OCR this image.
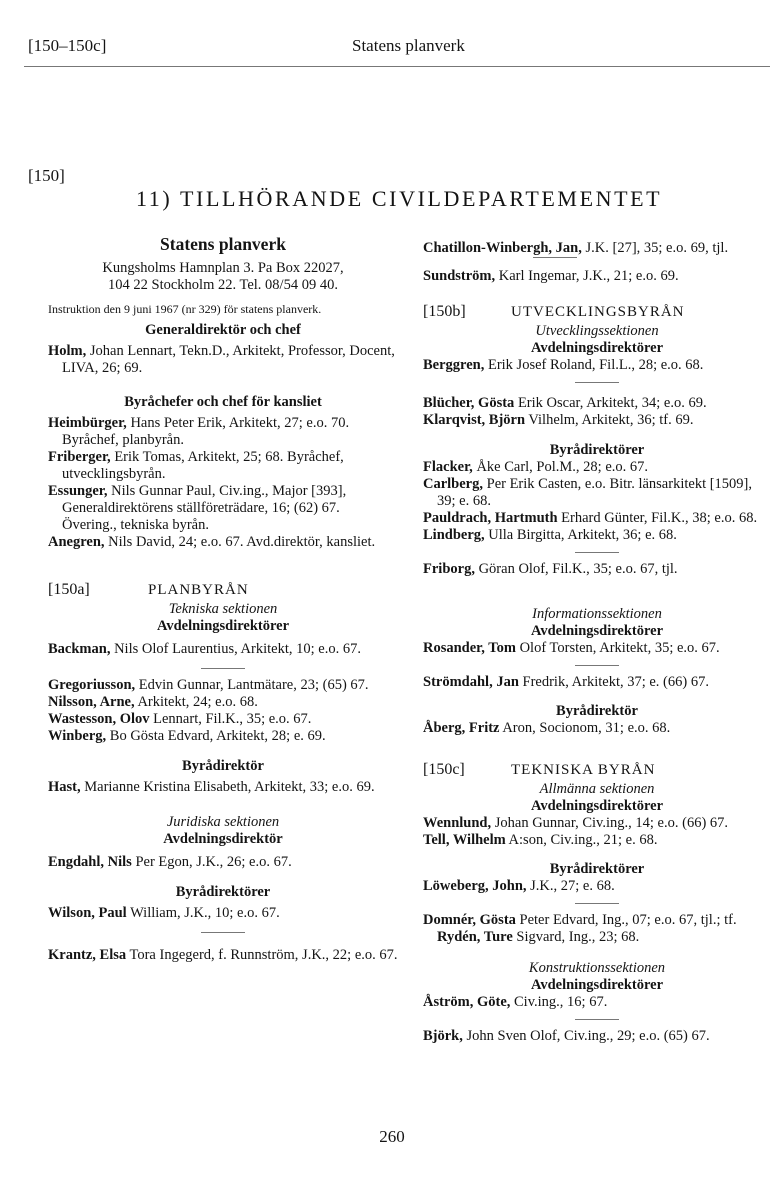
[150–150c]	Statens planverk
[150]
11) TILLHÖRANDE CIVILDEPARTEMENTET

Statens planverk

Kungsholms Hamnplan 3. Pa Box 22027,

104 22 Stockholm 22. Tel. 08/54 09 40.

Instruktion den 9 juni 1967 (nr 329) för statens planverk.

Generaldirektör och chef

Holm, Johan Lennart, Tekn.D., Arkitekt, Professor, Docent, LIVA, 26; 69.

Byråchefer och chef för kansliet

Heimbürger, Hans Peter Erik, Arkitekt, 27; e.o. 70. Byråchef, planbyrån.

Friberger, Erik Tomas, Arkitekt, 25; 68. Byråchef, utvecklingsbyrån.

Essunger, Nils Gunnar Paul, Civ.ing., Major [393], Generaldirektörens ställföreträdare, 16; (62) 67. Övering., tekniska byrån.

Anegren, Nils David, 24; e.o. 67. Avd.direktör, kansliet.

[150a]	PLANBYRÅN

Tekniska sektionen

Avdelningsdirektörer

Backman, Nils Olof Laurentius, Arkitekt, 10; e.o. 67.

Gregoriusson, Edvin Gunnar, Lantmätare, 23; (65) 67.

Nilsson, Arne, Arkitekt, 24; e.o. 68.

Wastesson, Olov Lennart, Fil.K., 35; e.o. 67.

Winberg, Bo Gösta Edvard, Arkitekt, 28; e. 69.

Byrådirektör

Hast, Marianne Kristina Elisabeth, Arkitekt, 33; e.o. 69.

Juridiska sektionen

Avdelningsdirektör

Engdahl, Nils Per Egon, J.K., 26; e.o. 67.

Byrådirektörer

Wilson, Paul William, J.K., 10; e.o. 67.

Krantz, Elsa Tora Ingegerd, f. Runnström, J.K., 22; e.o. 67.

Chatillon-Winbergh, Jan, J.K. [27], 35; e.o. 69, tjl.

Sundström, Karl Ingemar, J.K., 21; e.o. 69.

[150b]	UTVECKLINGSBYRÅN

Utvecklingssektionen

Avdelningsdirektörer

Berggren, Erik Josef Roland, Fil.L., 28; e.o. 68.

Blücher, Gösta Erik Oscar, Arkitekt, 34; e.o. 69.

Klarqvist, Björn Vilhelm, Arkitekt, 36; tf. 69.

Byrådirektörer

Flacker, Åke Carl, Pol.M., 28; e.o. 67.

Carlberg, Per Erik Casten, e.o. Bitr. länsarkitekt [1509], 39; e. 68.

Pauldrach, Hartmuth Erhard Günter, Fil.K., 38; e.o. 68.

Lindberg, Ulla Birgitta, Arkitekt, 36; e. 68.

Friborg, Göran Olof, Fil.K., 35; e.o. 67, tjl.

Informationssektionen

Avdelningsdirektörer

Rosander, Tom Olof Torsten, Arkitekt, 35; e.o. 67.

Strömdahl, Jan Fredrik, Arkitekt, 37; e. (66) 67.

Byrådirektör

Åberg, Fritz Aron, Socionom, 31; e.o. 68.

[150c]	TEKNISKA BYRÅN

Allmänna sektionen

Avdelningsdirektörer

Wennlund, Johan Gunnar, Civ.ing., 14; e.o. (66) 67.

Tell, Wilhelm A:son, Civ.ing., 21; e. 68.

Byrådirektörer

Löweberg, John, J.K., 27; e. 68.

Domnér, Gösta Peter Edvard, Ing., 07; e.o. 67, tjl.; tf. Rydén, Ture Sigvard, Ing., 23; 68.

Konstruktionssektionen

Avdelningsdirektörer

Åström, Göte, Civ.ing., 16; 67.

Björk, John Sven Olof, Civ.ing., 29; e.o. (65) 67.

260
